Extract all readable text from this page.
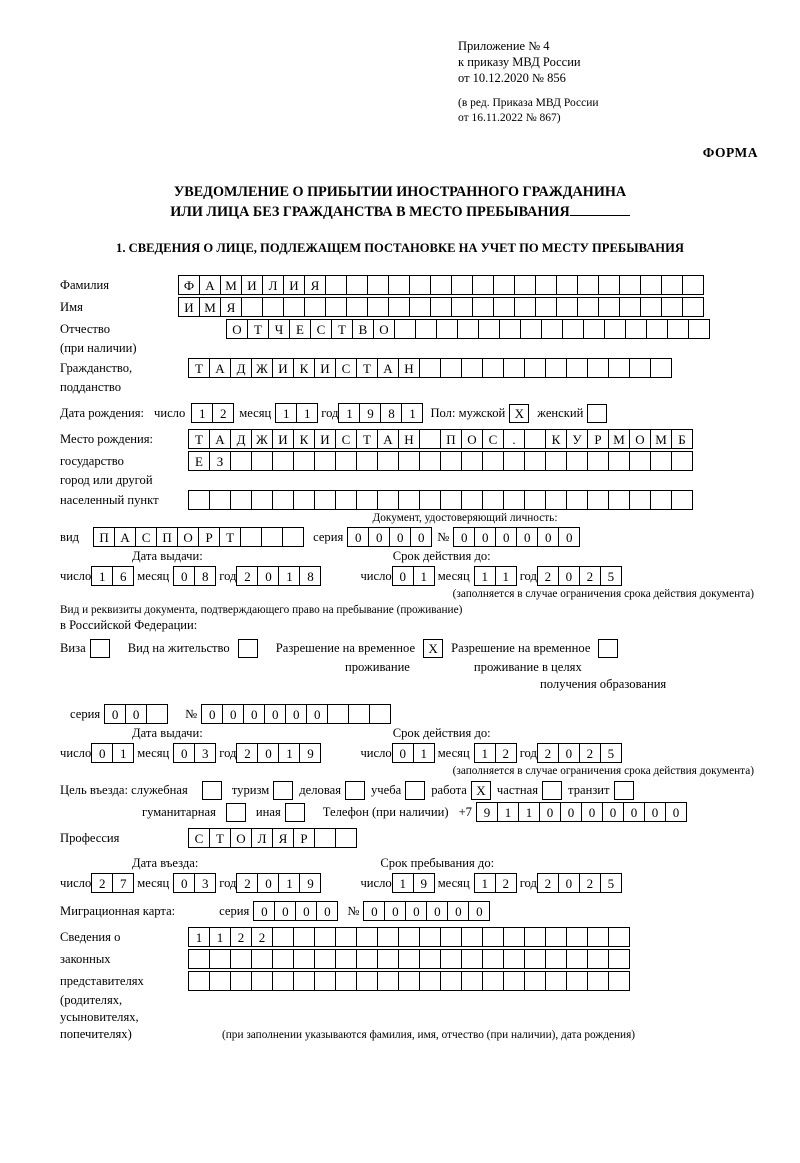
Приложение № 4
к приказу МВД России
от 10.12.2020 № 856
(в ред. Приказа МВД России
от 16.11.2022 № 867)
ФОРМА
УВЕДОМЛЕНИЕ О ПРИБЫТИИ ИНОСТРАННОГО ГРАЖДАНИНА
ИЛИ ЛИЦА БЕЗ ГРАЖДАНСТВА В МЕСТО ПРЕБЫВАНИЯ
1. СВЕДЕНИЯ О ЛИЦЕ, ПОДЛЕЖАЩЕМ ПОСТАНОВКЕ НА УЧЕТ ПО МЕСТУ ПРЕБЫВАНИЯ
Фамилия	Ф А М И Л И Я
Имя	И М Я
Отчество	О Т Ч Е С Т В О
(при наличии)
Гражданство,	Т А Д Ж И К И С Т А Н
подданство
Дата рождения: число	1	2	месяц 1	1 год 1	9	8	1	Пол: мужской X	женский
Место рождения:	Т А Д Ж И К И С Т А Н	П О С	.	К У Р М О М Б
государство	Е	З
город или другой
населенный пункт
Документ, удостоверяющий личность:
вид	П А С П О Р	Т	серия 0	0	0	0	№ 0	0	0	0	0	0
Дата выдачи:	Срок действия до:
число 1	6 месяц 0	8 год 2	0	1	8	число 0	1 месяц 1	1 год 2	0	2	5
(заполняется в случае ограничения срока действия документа)
Вид и реквизиты документа, подтверждающего право на пребывание (проживание)
в Российской Федерации:
Виза	Вид на жительство	Разрешение на временное	X	Разрешение на временное
проживание	проживание в целях
получения образования
серия 0	0	№ 0	0	0	0	0	0
Дата выдачи:	Срок действия до:
число 0	1 месяц 0	3 год 2	0	1	9	число 0	1 месяц 1	2 год 2	0	2	5
(заполняется в случае ограничения срока действия документа)
Цель въезда: служебная	туризм деловая учеба работа X частная транзит
гуманитарная	иная	Телефон (при наличии) +7 9	1	1	0	0	0	0	0	0	0
Профессия	С Т О Л Я	Р
Дата въезда:	Срок пребывания до:
число 2	7 месяц 0	3 год 2	0	1	9	число 1	9 месяц 1	2 год 2	0	2	5
Миграционная карта:	серия 0	0	0	0	№ 0	0	0	0	0	0
Сведения о	1	1	2	2
законных
представителях
(родителях,
усыновителях,
попечителях)	(при заполнении указываются фамилия, имя, отчество (при наличии), дата рождения)
